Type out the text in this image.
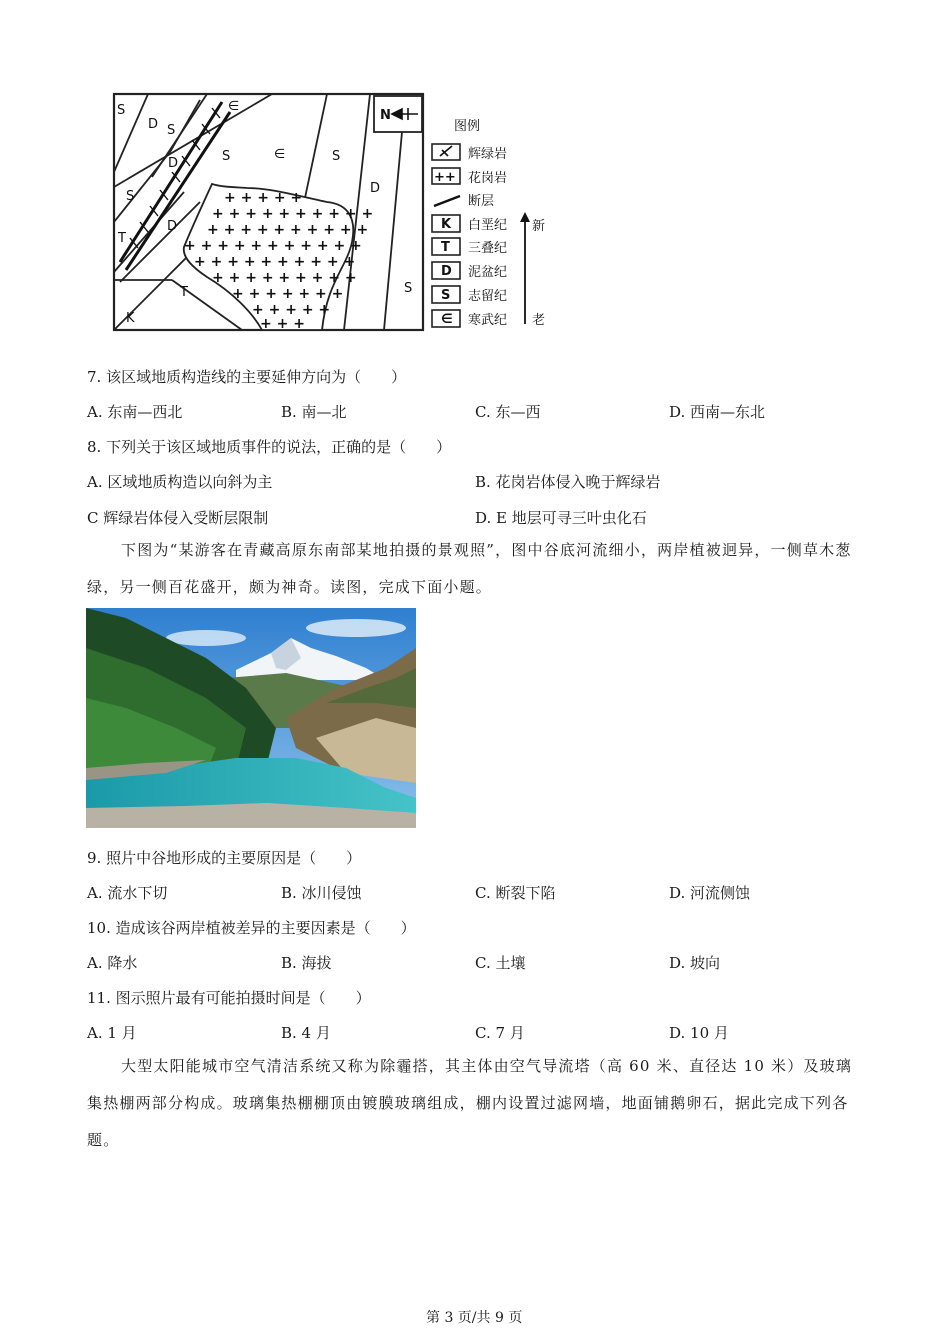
+ + + + +
+ + + + + + + + + +
+ + + + + + + + + +
+ + + + + + + + + + +
+ + + + + + + + + +
+ + + + + + + + +
+ + + + + + +
+ + + + +
+ + +
S
D S
∈
D	S	∈	S
S
D
S
D
T
T
K
N
图例
辉绿岩
++ 花岗岩
断层
K 白垩纪
T 三叠纪
D 泥盆纪
S 志留纪
∈ 寒武纪
新
老
7. 该区域地质构造线的主要延伸方向为（　　）
A. 东南—西北	B. 南—北	C. 东—西	D. 西南—东北
8. 下列关于该区域地质事件的说法，正确的是（　　）
A. 区域地质构造以向斜为主	B. 花岗岩体侵入晚于辉绿岩
C 辉绿岩体侵入受断层限制	D. E 地层可寻三叶虫化石
下图为“某游客在青藏高原东南部某地拍摄的景观照”，图中谷底河流细小，两岸植被迥异，一侧草木葱绿，另一侧百花盛开，颇为神奇。读图，完成下面小题。
9. 照片中谷地形成的主要原因是（　　）
A. 流水下切	B. 冰川侵蚀	C. 断裂下陷	D. 河流侧蚀
10. 造成该谷两岸植被差异的主要因素是（　　）
A. 降水	B. 海拔	C. 土壤	D. 坡向
11. 图示照片最有可能拍摄时间是（　　）
A. 1 月	B. 4 月	C. 7 月	D. 10 月
大型太阳能城市空气清洁系统又称为除霾搭，其主体由空气导流塔（高 60 米、直径达 10 米）及玻璃集热棚两部分构成。玻璃集热棚棚顶由镀膜玻璃组成，棚内设置过滤网墙，地面铺鹅卵石，据此完成下列各题。
第 3 页/共 9 页
